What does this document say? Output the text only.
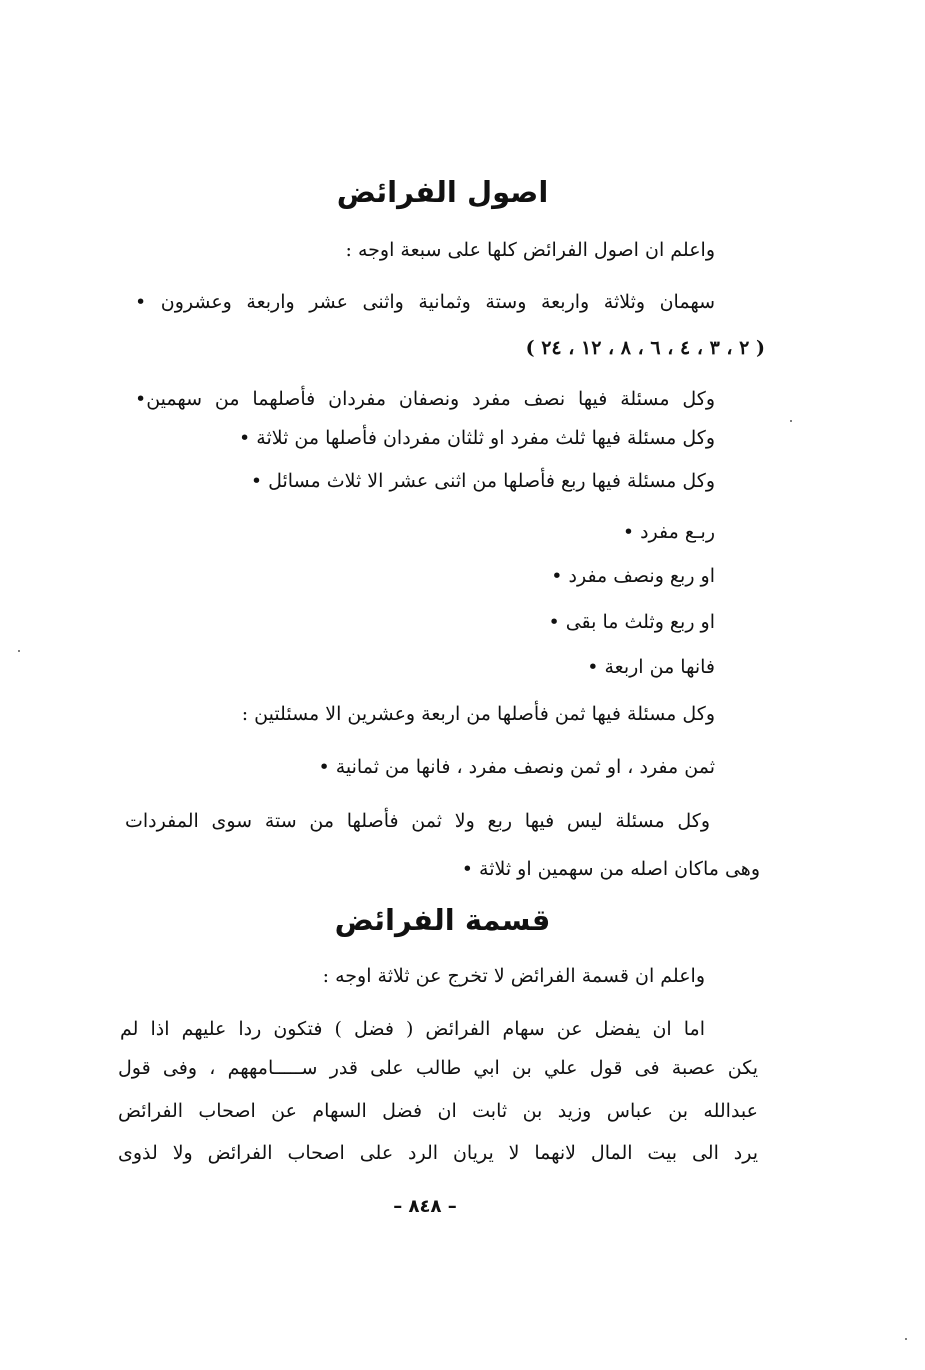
اصول الفرائض
واعلم ان اصول الفرائض كلها على سبعة اوجه :
سهمان وثلاثة واربعة وستة وثمانية واثنى عشر واربعة وعشرون •
( ٢ ، ٣ ، ٤ ، ٦ ، ٨ ، ١٢ ، ٢٤ )
وكل مسئلة فيها نصف مفرد ونصفان مفردان فأصلهما من سهمين•
وكل مسئلة فيها ثلث مفرد او ثلثان مفردان فأصلها من ثلاثة •
وكل مسئلة فيها ربع فأصلها من اثنى عشر الا ثلاث مسائل •
ربـع مفرد •
او ربع ونصف مفرد •
او ربع وثلث ما بقى •
فانها من اربعة •
وكل مسئلة فيها ثمن فأصلها من اربعة وعشرين الا مسئلتين :
ثمن مفرد ، او ثمن ونصف مفرد ، فانها من ثمانية •
وكل مسئلة ليس فيها ربع ولا ثمن فأصلها من ستة سوى المفردات
وهى ماكان اصله من سهمين او ثلاثة •
قسمة الفرائض
واعلم ان قسمة الفرائض لا تخرج عن ثلاثة اوجه :
اما ان يفضل عن سهام الفرائض ( فضل ) فتكون ردا عليهم اذا لم
يكن عصبة فى قول علي بن ابي طالب على قدر ســـــامههم ، وفى قول
عبدالله بن عباس وزيد بن ثابت ان فضل السهام عن اصحاب الفرائض
يرد الى بيت المال لانهما لا يريان الرد على اصحاب الفرائض ولا لذوى
– ٨٤٨ –
